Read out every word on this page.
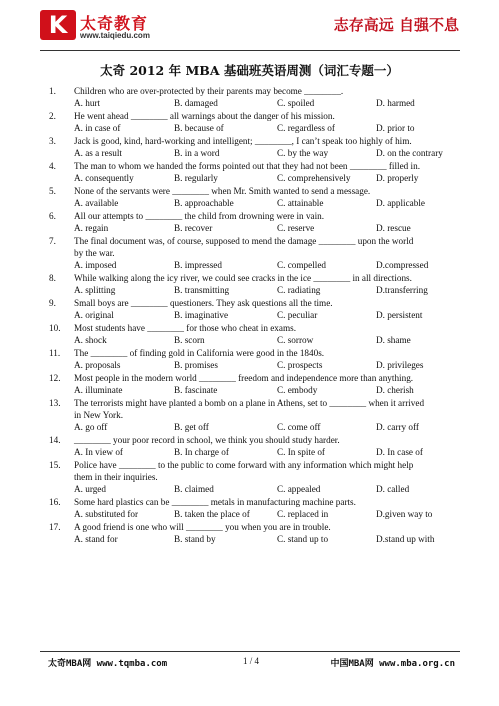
K 太奇教育
www.taiqiedu.com
志存高远 自强不息
太奇 2012 年 MBA 基础班英语周测（词汇专题一）
1.	Children who are over-protected by their parents may become ________.
A. hurt	B. damaged	C. spoiled	D. harmed
2.	He went ahead ________ all warnings about the danger of his mission.
A. in case of	B. because of	C. regardless of	D. prior to
3.	Jack is good, kind, hard-working and intelligent; ________, I can’t speak too highly of him.
A. as a result	B. in a word	C. by the way	D. on the contrary
4.	The man to whom we handed the forms pointed out that they had not been ________ filled in.
A. consequently	B. regularly	C. comprehensively	D. properly
5.	None of the servants were ________ when Mr. Smith wanted to send a message.
A. available	B. approachable	C. attainable	D. applicable
6.	All our attempts to ________ the child from drowning were in vain.
A. regain	B. recover	C. reserve	D. rescue
7.	The final document was, of course, supposed to mend the damage ________ upon the world
by the war.
A. imposed	B. impressed	C. compelled	D.compressed
8.	While walking along the icy river, we could see cracks in the ice ________ in all directions.
A. splitting	B. transmitting	C. radiating	D.transferring
9.	Small boys are ________ questioners. They ask questions all the time.
A. original	B. imaginative	C. peculiar	D. persistent
10.	Most students have ________ for those who cheat in exams.
A. shock	B. scorn	C. sorrow	D. shame
11.	The ________ of finding gold in California were good in the 1840s.
A. proposals	B. promises	C. prospects	D. privileges
12.	Most people in the modern world ________ freedom and independence more than anything.
A. illuminate	B. fascinate	C. embody	D. cherish
13.	The terrorists might have planted a bomb on a plane in Athens, set to ________ when it arrived
in New York.
A. go off	B. get off	C. come off	D. carry off
14.	________ your poor record in school, we think you should study harder.
A. In view of	B. In charge of	C. In spite of	D. In case of
15.	Police have ________ to the public to come forward with any information which might help
them in their inquiries.
A. urged	B. claimed	C. appealed	D. called
16.	Some hard plastics can be ________ metals in manufacturing machine parts.
A. substituted for	B. taken the place of	C. replaced in	D.given way to
17.	A good friend is one who will ________ you when you are in trouble.
A. stand for	B. stand by	C. stand up to	D.stand up with
太奇MBA网 www.tqmba.com	1 / 4	中国MBA网 www.mba.org.cn
